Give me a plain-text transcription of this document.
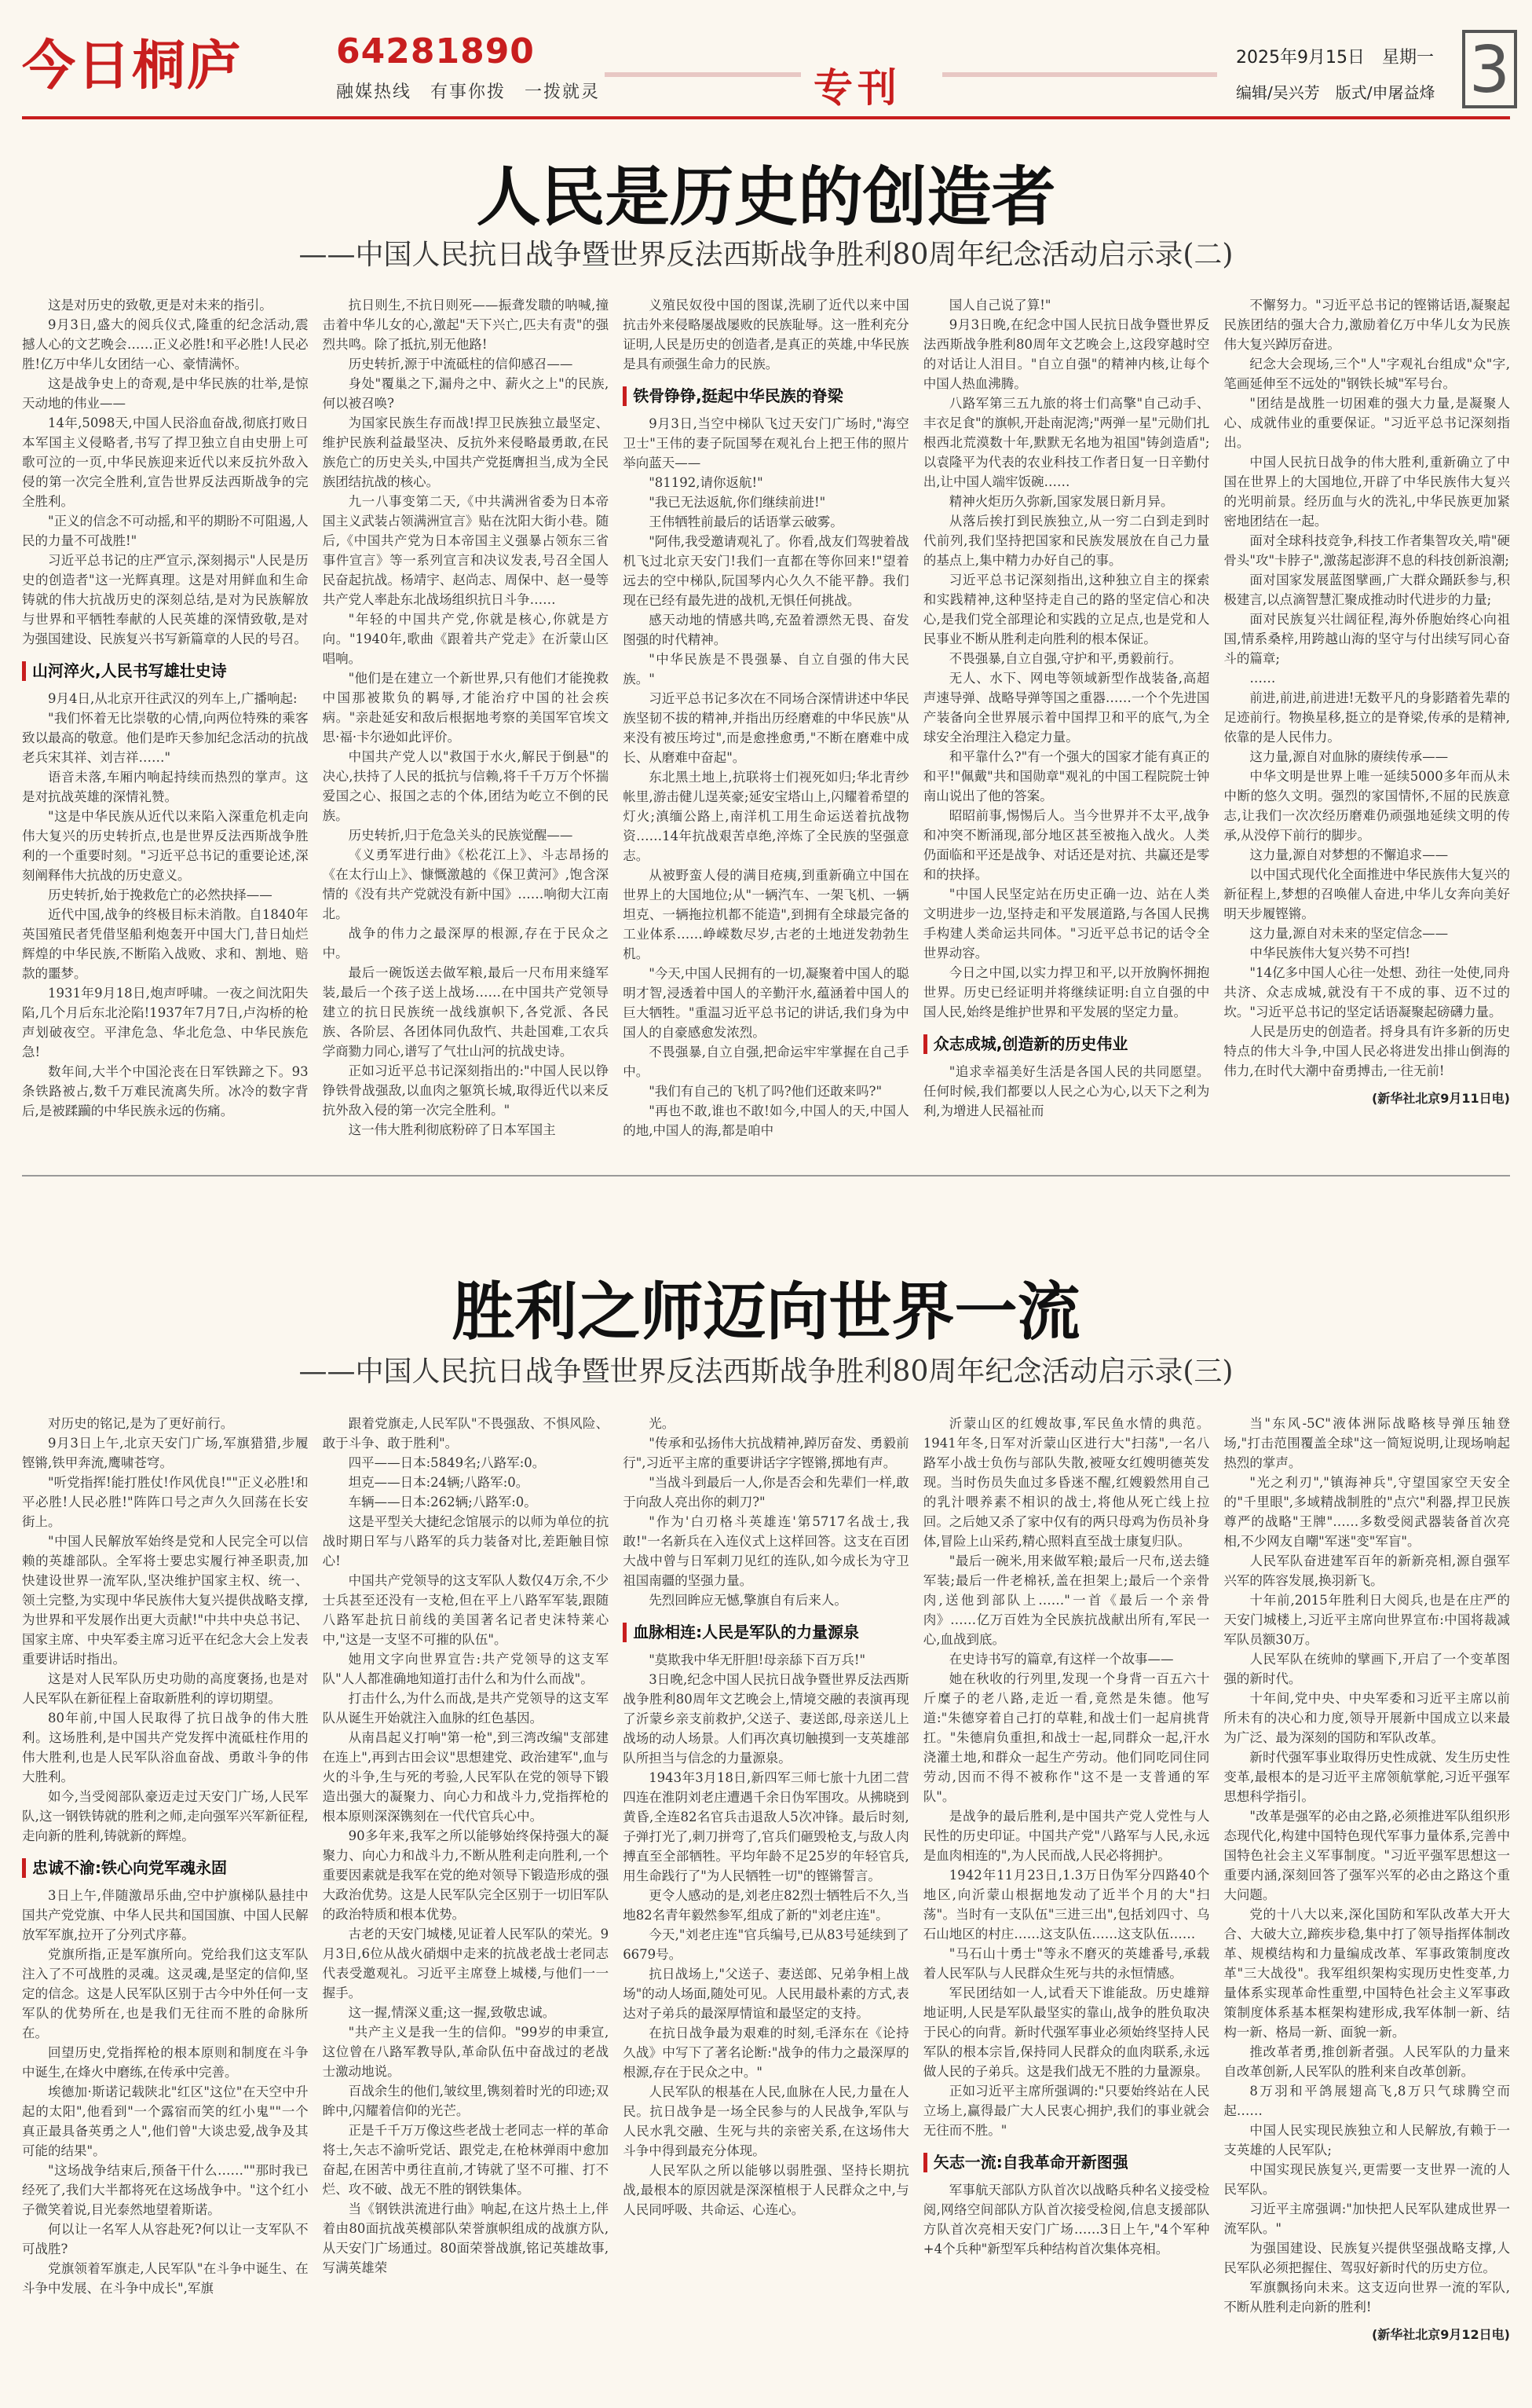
今日桐庐	64281890
融媒热线　有事你拨　一拨就灵	专刊
2025年9月15日　星期一
编辑/吴兴芳　版式/申屠益烽 3
人民是历史的创造者
——中国人民抗日战争暨世界反法西斯战争胜利80周年纪念活动启示录(二)

这是对历史的致敬,更是对未来的指引。

9月3日,盛大的阅兵仪式,隆重的纪念活动,震撼人心的文艺晚会……正义必胜!和平必胜!人民必胜!亿万中华儿女团结一心、豪情满怀。

这是战争史上的奇观,是中华民族的壮举,是惊天动地的伟业——

14年,5098天,中国人民浴血奋战,彻底打败日本军国主义侵略者,书写了捍卫独立自由史册上可歌可泣的一页,中华民族迎来近代以来反抗外敌入侵的第一次完全胜利,宣告世界反法西斯战争的完全胜利。

"正义的信念不可动摇,和平的期盼不可阻遏,人民的力量不可战胜!"

习近平总书记的庄严宣示,深刻揭示"人民是历史的创造者"这一光辉真理。这是对用鲜血和生命铸就的伟大抗战历史的深刻总结,是对为民族解放与世界和平牺牲奉献的人民英雄的深情致敬,是对为强国建设、民族复兴书写新篇章的人民的号召。

山河淬火,人民书写雄壮史诗

9月4日,从北京开往武汉的列车上,广播响起:

"我们怀着无比崇敬的心情,向两位特殊的乘客致以最高的敬意。他们是昨天参加纪念活动的抗战老兵宋其祥、刘吉祥……"

语音未落,车厢内响起持续而热烈的掌声。这是对抗战英雄的深情礼赞。

"这是中华民族从近代以来陷入深重危机走向伟大复兴的历史转折点,也是世界反法西斯战争胜利的一个重要时刻。"习近平总书记的重要论述,深刻阐释伟大抗战的历史意义。

历史转折,始于挽救危亡的必然抉择——

近代中国,战争的终极目标未消散。自1840年英国殖民者凭借坚船利炮轰开中国大门,昔日灿烂辉煌的中华民族,不断陷入战败、求和、割地、赔款的噩梦。

1931年9月18日,炮声呼啸。一夜之间沈阳失陷,几个月后东北沦陷!1937年7月7日,卢沟桥的枪声划破夜空。平津危急、华北危急、中华民族危急!

数年间,大半个中国沦丧在日军铁蹄之下。93条铁路被占,数千万难民流离失所。冰冷的数字背后,是被蹂躏的中华民族永远的伤痛。

抗日则生,不抗日则死——振聋发聩的呐喊,撞击着中华儿女的心,激起"天下兴亡,匹夫有责"的强烈共鸣。除了抵抗,别无他路!

历史转折,源于中流砥柱的信仰感召——

身处"覆巢之下,漏舟之中、薪火之上"的民族,何以被召唤?

为国家民族生存而战!捍卫民族独立最坚定、维护民族利益最坚决、反抗外来侵略最勇敢,在民族危亡的历史关头,中国共产党挺膺担当,成为全民族团结抗战的核心。

九一八事变第二天,《中共满洲省委为日本帝国主义武装占领满洲宣言》贴在沈阳大街小巷。随后,《中国共产党为日本帝国主义强暴占领东三省事件宣言》等一系列宣言和决议发表,号召全国人民奋起抗战。杨靖宇、赵尚志、周保中、赵一曼等共产党人率赴东北战场组织抗日斗争……

"年轻的中国共产党,你就是核心,你就是方向。"1940年,歌曲《跟着共产党走》在沂蒙山区唱响。

"他们是在建立一个新世界,只有他们才能挽救中国那被欺负的羁辱,才能治疗中国的社会疾病。"亲赴延安和敌后根据地考察的美国军官埃文思·福·卡尔逊如此评价。

中国共产党人以"救国于水火,解民于倒悬"的决心,扶持了人民的抵抗与信赖,将千千万万个怀揣爱国之心、报国之志的个体,团结为屹立不倒的民族。

历史转折,归于危急关头的民族觉醒——

《义勇军进行曲》《松花江上》、斗志昂扬的《在太行山上》、慷慨激越的《保卫黄河》,饱含深情的《没有共产党就没有新中国》……响彻大江南北。

战争的伟力之最深厚的根源,存在于民众之中。

最后一碗饭送去做军粮,最后一尺布用来缝军装,最后一个孩子送上战场……在中国共产党领导建立的抗日民族统一战线旗帜下,各党派、各民族、各阶层、各团体同仇敌忾、共赴国难,工农兵学商勠力同心,谱写了气壮山河的抗战史诗。

正如习近平总书记深刻指出的:"中国人民以铮铮铁骨战强敌,以血肉之躯筑长城,取得近代以来反抗外敌入侵的第一次完全胜利。"

这一伟大胜利彻底粉碎了日本军国主

义殖民奴役中国的图谋,洗刷了近代以来中国抗击外来侵略屡战屡败的民族耻辱。这一胜利充分证明,人民是历史的创造者,是真正的英雄,中华民族是具有顽强生命力的民族。

铁骨铮铮,挺起中华民族的脊梁

9月3日,当空中梯队飞过天安门广场时,"海空卫士"王伟的妻子阮国琴在观礼台上把王伟的照片举向蓝天——

"81192,请你返航!"

"我已无法返航,你们继续前进!"

王伟牺牲前最后的话语掌云破雾。

"阿伟,我受邀请观礼了。你看,战友们驾驶着战机飞过北京天安门!我们一直都在等你回来!"望着远去的空中梯队,阮国琴内心久久不能平静。我们现在已经有最先进的战机,无惧任何挑战。

感天动地的情感共鸣,充盈着漂然无畏、奋发图强的时代精神。

"中华民族是不畏强暴、自立自强的伟大民族。"

习近平总书记多次在不同场合深情讲述中华民族坚韧不拔的精神,并指出历经磨难的中华民族"从来没有被压垮过",而是愈挫愈勇,"不断在磨难中成长、从磨难中奋起"。

东北黑土地上,抗联将士们视死如归;华北青纱帐里,游击健儿逞英豪;延安宝塔山上,闪耀着希望的灯火;滇缅公路上,南洋机工用生命运送着抗战物资……14年抗战艰苦卓绝,淬炼了全民族的坚强意志。

从被野蛮人侵的满目疮痍,到重新确立中国在世界上的大国地位;从"一辆汽车、一架飞机、一辆坦克、一辆拖拉机都不能造",到拥有全球最完备的工业体系……峥嵘数尽岁,古老的土地迸发勃勃生机。

"今天,中国人民拥有的一切,凝聚着中国人的聪明才智,浸透着中国人的辛勤汗水,蕴涵着中国人的巨大牺牲。"重温习近平总书记的讲话,我们身为中国人的自豪感愈发浓烈。

不畏强暴,自立自强,把命运牢牢掌握在自己手中。

"我们有自己的飞机了吗?他们还敢来吗?"

"再也不敢,谁也不敢!如今,中国人的天,中国人的地,中国人的海,都是咱中

国人自己说了算!"

9月3日晚,在纪念中国人民抗日战争暨世界反法西斯战争胜利80周年文艺晚会上,这段穿越时空的对话让人泪目。"自立自强"的精神内核,让每个中国人热血沸腾。

八路军第三五九旅的将士们高擎"自己动手、丰衣足食"的旗帜,开赴南泥湾;"两弹一星"元勋们扎根西北荒漠数十年,默默无名地为祖国"铸剑造盾";以袁隆平为代表的农业科技工作者日复一日辛勤付出,让中国人端牢饭碗……

精神火炬历久弥新,国家发展日新月异。

从落后挨打到民族独立,从一穷二白到走到时代前列,我们坚持把国家和民族发展放在自己力量的基点上,集中精力办好自己的事。

习近平总书记深刻指出,这种独立自主的探索和实践精神,这种坚持走自己的路的坚定信心和决心,是我们党全部理论和实践的立足点,也是党和人民事业不断从胜利走向胜利的根本保证。

不畏强暴,自立自强,守护和平,勇毅前行。

无人、水下、网电等领域新型作战装备,高超声速导弹、战略导弹等国之重器……一个个先进国产装备向全世界展示着中国捍卫和平的底气,为全球安全治理注入稳定力量。

和平靠什么?"有一个强大的国家才能有真正的和平!"佩戴"共和国勋章"观礼的中国工程院院士钟南山说出了他的答案。

昭昭前事,惕惕后人。当今世界并不太平,战争和冲突不断涌现,部分地区甚至被拖入战火。人类仍面临和平还是战争、对话还是对抗、共赢还是零和的抉择。

"中国人民坚定站在历史正确一边、站在人类文明进步一边,坚持走和平发展道路,与各国人民携手构建人类命运共同体。"习近平总书记的话令全世界动容。

今日之中国,以实力捍卫和平,以开放胸怀拥抱世界。历史已经证明并将继续证明:自立自强的中国人民,始终是维护世界和平发展的坚定力量。

众志成城,创造新的历史伟业

"追求幸福美好生活是各国人民的共同愿望。任何时候,我们都要以人民之心为心,以天下之利为利,为增进人民福祉而

不懈努力。"习近平总书记的铿锵话语,凝聚起民族团结的强大合力,激励着亿万中华儿女为民族伟大复兴踔厉奋进。

纪念大会现场,三个"人"字观礼台组成"众"字,笔画延伸至不远处的"钢铁长城"军号台。

"团结是战胜一切困难的强大力量,是凝聚人心、成就伟业的重要保证。"习近平总书记深刻指出。

中国人民抗日战争的伟大胜利,重新确立了中国在世界上的大国地位,开辟了中华民族伟大复兴的光明前景。经历血与火的洗礼,中华民族更加紧密地团结在一起。

面对全球科技竞争,科技工作者集智攻关,啃"硬骨头"攻"卡脖子",激荡起澎湃不息的科技创新浪潮;

面对国家发展蓝图擘画,广大群众踊跃参与,积极建言,以点滴智慧汇聚成推动时代进步的力量;

面对民族复兴壮阔征程,海外侨胞始终心向祖国,情系桑梓,用跨越山海的坚守与付出续写同心奋斗的篇章;

……

前进,前进,前进进!无数平凡的身影踏着先辈的足迹前行。物换星移,挺立的是脊梁,传承的是精神,依靠的是人民伟力。

这力量,源自对血脉的赓续传承——

中华文明是世界上唯一延续5000多年而从未中断的悠久文明。强烈的家国情怀,不屈的民族意志,让我们一次次经历磨难仍顽强地延续文明的传承,从没停下前行的脚步。

这力量,源自对梦想的不懈追求——

以中国式现代化全面推进中华民族伟大复兴的新征程上,梦想的召唤催人奋进,中华儿女奔向美好明天步履铿锵。

这力量,源自对未来的坚定信念——

中华民族伟大复兴势不可挡!

"14亿多中国人心往一处想、劲往一处使,同舟共济、众志成城,就没有干不成的事、迈不过的坎。"习近平总书记的坚定话语凝聚起磅礴力量。

人民是历史的创造者。捋身具有许多新的历史特点的伟大斗争,中国人民必将进发出排山倒海的伟力,在时代大潮中奋勇搏击,一往无前!

(新华社北京9月11日电)
胜利之师迈向世界一流
——中国人民抗日战争暨世界反法西斯战争胜利80周年纪念活动启示录(三)

对历史的铭记,是为了更好前行。

9月3日上午,北京天安门广场,军旗猎猎,步履铿锵,铁甲奔流,鹰啸苍穹。

"听党指挥!能打胜仗!作风优良!""正义必胜!和平必胜!人民必胜!"阵阵口号之声久久回荡在长安街上。

"中国人民解放军始终是党和人民完全可以信赖的英雄部队。全军将士要忠实履行神圣职责,加快建设世界一流军队,坚决维护国家主权、统一、领土完整,为实现中华民族伟大复兴提供战略支撑,为世界和平发展作出更大贡献!"中共中央总书记、国家主席、中央军委主席习近平在纪念大会上发表重要讲话时指出。

这是对人民军队历史功勋的高度褒扬,也是对人民军队在新征程上奋取新胜利的谆切期望。

80年前,中国人民取得了抗日战争的伟大胜利。这场胜利,是中国共产党发挥中流砥柱作用的伟大胜利,也是人民军队浴血奋战、勇敢斗争的伟大胜利。

如今,当受阅部队豪迈走过天安门广场,人民军队,这一钢铁铸就的胜利之师,走向强军兴军新征程,走向新的胜利,铸就新的辉煌。

忠诚不渝:铁心向党军魂永固

3日上午,伴随激昂乐曲,空中护旗梯队悬挂中国共产党党旗、中华人民共和国国旗、中国人民解放军军旗,拉开了分列式序幕。

党旗所指,正是军旗所向。党给我们这支军队注入了不可战胜的灵魂。这灵魂,是坚定的信仰,坚定的信念。这是人民军队区别于古今中外任何一支军队的优势所在,也是我们无往而不胜的命脉所在。

回望历史,党指挥枪的根本原则和制度在斗争中诞生,在烽火中磨练,在传承中完善。

埃德加·斯诺记载陕北"红区"这位"在天空中升起的太阳",他看到"一个露宿而笑的红小鬼""一个真正最具备英勇之人",他们曾"大谈忠爱,战争及其可能的结果"。

"这场战争结束后,预备干什么……""那时我已经死了,我们大半都将死在这场战争中。"这个红小子微笑着说,目光泰然地望着斯诺。

何以让一名军人从容赴死?何以让一支军队不可战胜?

党旗领着军旗走,人民军队"在斗争中诞生、在斗争中发展、在斗争中成长",军旗

跟着党旗走,人民军队"不畏强敌、不惧风险、敢于斗争、敢于胜利"。

四平——日本:5849名;八路军:0。

坦克——日本:24辆;八路军:0。

车辆——日本:262辆;八路军:0。

这是平型关大捷纪念馆展示的以师为单位的抗战时期日军与八路军的兵力装备对比,差距触目惊心!

中国共产党领导的这支军队人数仅4万余,不少士兵甚至还没有一支枪,但在平上八路军军装,跟随八路军赴抗日前线的美国著名记者史沫特莱心中,"这是一支坚不可摧的队伍"。

她用文字向世界宣告:共产党领导的这支军队"人人都准确地知道打击什么和为什么而战"。

打击什么,为什么而战,是共产党领导的这支军队从诞生开始就注入血脉的红色基因。

从南昌起义打响"第一枪",到三湾改编"支部建在连上",再到古田会议"思想建党、政治建军",血与火的斗争,生与死的考验,人民军队在党的领导下锻造出强大的凝聚力、向心力和战斗力,党指挥枪的根本原则深深镌刻在一代代官兵心中。

90多年来,我军之所以能够始终保持强大的凝聚力、向心力和战斗力,不断从胜利走向胜利,一个重要因素就是我军在党的绝对领导下锻造形成的强大政治优势。这是人民军队完全区别于一切旧军队的政治特质和根本优势。

古老的天安门城楼,见证着人民军队的荣光。9月3日,6位从战火硝烟中走来的抗战老战士老同志代表受邀观礼。习近平主席登上城楼,与他们一一握手。

这一握,情深义重;这一握,致敬忠诚。

"共产主义是我一生的信仰。"99岁的申秉宣,这位曾在八路军教导队,革命队伍中奋战过的老战士激动地说。

百战余生的他们,皱纹里,镌刻着时光的印迹;双眸中,闪耀着信仰的光芒。

正是千千万万像这些老战士老同志一样的革命将士,矢志不渝听党话、跟党走,在枪林弹雨中愈加奋起,在困苦中勇往直前,才铸就了坚不可摧、打不烂、攻不破、战无不胜的钢铁集体。

当《钢铁洪流进行曲》响起,在这片热土上,伴着由80面抗战英模部队荣誉旗帜组成的战旗方队,从天安门广场通过。80面荣誉战旗,铭记英雄故事,写满英雄荣

光。

"传承和弘扬伟大抗战精神,踔厉奋发、勇毅前行",习近平主席的重要讲话字字铿锵,掷地有声。

"当战斗到最后一人,你是否会和先辈们一样,敢于向敌人亮出你的刺刀?"

"作为'白刃格斗英雄连'第5717名战士,我敢!"一名新兵在入连仪式上这样回答。这支在百团大战中曾与日军刺刀见红的连队,如今成长为守卫祖国南疆的坚强力量。

先烈回眸应无憾,擎旗自有后来人。

血脉相连:人民是军队的力量源泉

"莫欺我中华无肝胆!母亲舔下百万兵!"

3日晚,纪念中国人民抗日战争暨世界反法西斯战争胜利80周年文艺晚会上,情境交融的表演再现了沂蒙乡亲支前救护,父送子、妻送郎,母亲送儿上战场的动人场景。人们再次真切触摸到一支英雄部队所担当与信念的力量源泉。

1943年3月18日,新四军三师七旅十九团二营四连在淮阴刘老庄遭遇千余日伪军围攻。从拂晓到黄昏,全连82名官兵击退敌人5次冲锋。最后时刻,子弹打光了,刺刀拼弯了,官兵们砸毁枪支,与敌人肉搏直至全部牺牲。平均年龄不足25岁的年轻官兵,用生命践行了"为人民牺牲一切"的铿锵誓言。

更令人感动的是,刘老庄82烈士牺牲后不久,当地82名青年毅然参军,组成了新的"刘老庄连"。

今天,"刘老庄连"官兵编号,已从83号延续到了6679号。

抗日战场上,"父送子、妻送郎、兄弟争相上战场"的动人场面,随处可见。人民用最朴素的方式,表达对子弟兵的最深厚情谊和最坚定的支持。

在抗日战争最为艰难的时刻,毛泽东在《论持久战》中写下了著名论断:"战争的伟力之最深厚的根源,存在于民众之中。"

人民军队的根基在人民,血脉在人民,力量在人民。抗日战争是一场全民参与的人民战争,军队与人民水乳交融、生死与共的亲密关系,在这场伟大斗争中得到最充分体现。

人民军队之所以能够以弱胜强、坚持长期抗战,最根本的原因就是深深植根于人民群众之中,与人民同呼吸、共命运、心连心。

沂蒙山区的红嫂故事,军民鱼水情的典范。1941年冬,日军对沂蒙山区进行大"扫荡",一名八路军小战士负伤与部队失散,被哑女红嫂明德英发现。当时伤员失血过多昏迷不醒,红嫂毅然用自己的乳汁喂养素不相识的战士,将他从死亡线上拉回。之后她又杀了家中仅有的两只母鸡为伤员补身体,冒险上山采药,精心照料直至战士康复归队。

"最后一碗米,用来做军粮;最后一尺布,送去缝军装;最后一件老棉袄,盖在担架上;最后一个亲骨肉,送他到部队上……"一首《最后一个亲骨肉》……亿万百姓为全民族抗战献出所有,军民一心,血战到底。

在史诗书写的篇章,有这样一个故事——

她在秋收的行列里,发现一个身背一百五六十斤糜子的老八路,走近一看,竟然是朱德。他写道:"朱德穿着自己打的草鞋,和战士们一起肩挑背扛。"朱德肩负重担,和战士一起,同群众一起,汗水浇灌土地,和群众一起生产劳动。他们同吃同住同劳动,因而不得不被称作"这不是一支普通的军队"。

是战争的最后胜利,是中国共产党人党性与人民性的历史印证。中国共产党"八路军与人民,永远是血肉相连的",为人民而战,人民必将拥护。

1942年11月23日,1.3万日伪军分四路40个地区,向沂蒙山根据地发动了近半个月的大"扫荡"。当时有一支队伍"三进三出",包括刘四寸、乌石山地区的村庄……这支队伍……这支队伍……

"马石山十勇士"等永不磨灭的英雄番号,承载着人民军队与人民群众生死与共的永恒情感。

军民团结如一人,试看天下谁能敌。历史雄辩地证明,人民是军队最坚实的靠山,战争的胜负取决于民心的向背。新时代强军事业必须始终坚持人民军队的根本宗旨,保持同人民群众的血肉联系,永远做人民的子弟兵。这是我们战无不胜的力量源泉。

正如习近平主席所强调的:"只要始终站在人民立场上,赢得最广大人民衷心拥护,我们的事业就会无往而不胜。"

矢志一流:自我革命开新图强

军事航天部队方队首次以战略兵种名义接受检阅,网络空间部队方队首次接受检阅,信息支援部队方队首次亮相天安门广场……3日上午,"4个军种+4个兵种"新型军兵种结构首次集体亮相。

当"东风-5C"液体洲际战略核导弹压轴登场,"打击范围覆盖全球"这一简短说明,让现场响起热烈的掌声。

"光之利刃","镇海神兵",守望国家空天安全的"千里眼",多域精战制胜的"点穴"利器,捍卫民族尊严的战略"王牌"……多数受阅武器装备首次亮相,不少网友自嘲"军迷"变"军盲"。

人民军队奋进建军百年的新新亮相,源自强军兴军的阵容发展,换羽新飞。

十年前,2015年胜利日大阅兵,也是在庄严的天安门城楼上,习近平主席向世界宣布:中国将裁减军队员额30万。

人民军队在统帅的擘画下,开启了一个变革图强的新时代。

十年间,党中央、中央军委和习近平主席以前所未有的决心和力度,领导开展新中国成立以来最为广泛、最为深刻的国防和军队改革。

新时代强军事业取得历史性成就、发生历史性变革,最根本的是习近平主席领航掌舵,习近平强军思想科学指引。

"改革是强军的必由之路,必须推进军队组织形态现代化,构建中国特色现代军事力量体系,完善中国特色社会主义军事制度。"习近平强军思想这一重要内涵,深刻回答了强军兴军的必由之路这个重大问题。

党的十八大以来,深化国防和军队改革大开大合、大破大立,蹄疾步稳,集中打了领导指挥体制改革、规模结构和力量编成改革、军事政策制度改革"三大战役"。我军组织架构实现历史性变革,力量体系实现革命性重塑,中国特色社会主义军事政策制度体系基本框架构建形成,我军体制一新、结构一新、格局一新、面貌一新。

推改革者勇,推创新者强。人民军队的力量来自改革创新,人民军队的胜利来自改革创新。

8万羽和平鸽展翅高飞,8万只气球腾空而起……

中国人民实现民族独立和人民解放,有赖于一支英雄的人民军队;

中国实现民族复兴,更需要一支世界一流的人民军队。

习近平主席强调:"加快把人民军队建成世界一流军队。"

为强国建设、民族复兴提供坚强战略支撑,人民军队必须把握住、驾驭好新时代的历史方位。

军旗飘扬向未来。这支迈向世界一流的军队,不断从胜利走向新的胜利!

(新华社北京9月12日电)
